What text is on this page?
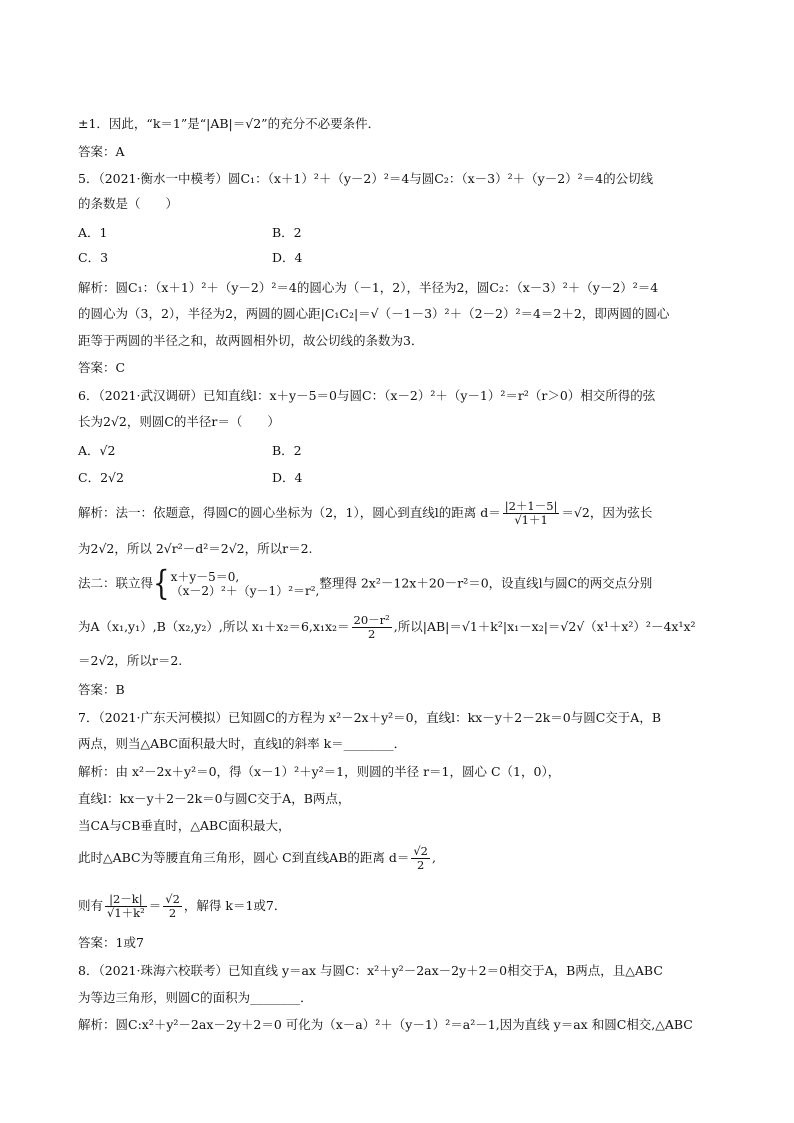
±1．因此，“k＝1”是“|AB|＝√2”的充分不必要条件．
答案：A
5．（2021·衡水一中模考）圆C₁：（x＋1）²＋（y－2）²＝4与圆C₂：（x－3）²＋（y－2）²＝4的公切线
的条数是（　　）
A．1	B．2
C．3	D．4
解析：圆C₁：（x＋1）²＋（y－2）²＝4的圆心为（－1，2），半径为2，圆C₂：（x－3）²＋（y－2）²＝4
的圆心为（3，2），半径为2，两圆的圆心距|C₁C₂|＝√（－1－3）²＋（2－2）²＝4＝2＋2，即两圆的圆心
距等于两圆的半径之和，故两圆相外切，故公切线的条数为3．
答案：C
6．（2021·武汉调研）已知直线l：x＋y－5＝0与圆C：（x－2）²＋（y－1）²＝r²（r＞0）相交所得的弦
长为2√2，则圆C的半径r＝（　　）
A．√2	B．2
C．2√2	D．4
解析：法一：依题意，得圆C的圆心坐标为（2，1），圆心到直线l的距离 $d= \frac{|2+1-5|}{√1+1} =√2$，因为弦长
为2√2，所以 2√r²－d²＝2√2，所以r＝2.
法二：联立得{ x＋y－5＝0,
（x－2）²＋（y－1）²＝r²,
整理得 2x²－12x＋20－r²＝0，设直线l与圆C的两交点分别
为A（x₁,y₁）,B（x₂,y₂）,所以 $x_1+x_2=6,x_1x_2= \frac{\text{20－r²}}{2}$ ,所以|AB|＝√1＋k²|x₁－x₂|＝√2√（x¹＋x²）²－4x¹x²
＝2√2，所以r＝2.
答案：B
7．（2021·广东天河模拟）已知圆C的方程为 x²－2x＋y²＝0，直线l：kx－y＋2－2k＝0与圆C交于A，B
两点，则当△ABC面积最大时，直线l的斜率 k＝________．
解析：由 x²－2x＋y²＝0，得（x－1）²＋y²＝1，则圆的半径 r＝1，圆心 C（1，0），
直线l：kx－y＋2－2k＝0与圆C交于A，B两点，
当CA与CB垂直时，△ABC面积最大，
此时△ABC为等腰直角三角形，圆心 C到直线AB的距离 $d= \frac{√2}{2}$ ,
则有 $\frac{|2-k|}{\text{√1＋k²}} = \frac{√2}{2}$ ，解得 k＝1或7．
答案：1或7
8．（2021·珠海六校联考）已知直线 y＝ax 与圆C：x²＋y²－2ax－2y＋2＝0相交于A，B两点，且△ABC
为等边三角形，则圆C的面积为________．
解析：圆C:x²＋y²－2ax－2y＋2＝0 可化为（x－a）²＋（y－1）²＝a²－1,因为直线 y＝ax 和圆C相交,△ABC
